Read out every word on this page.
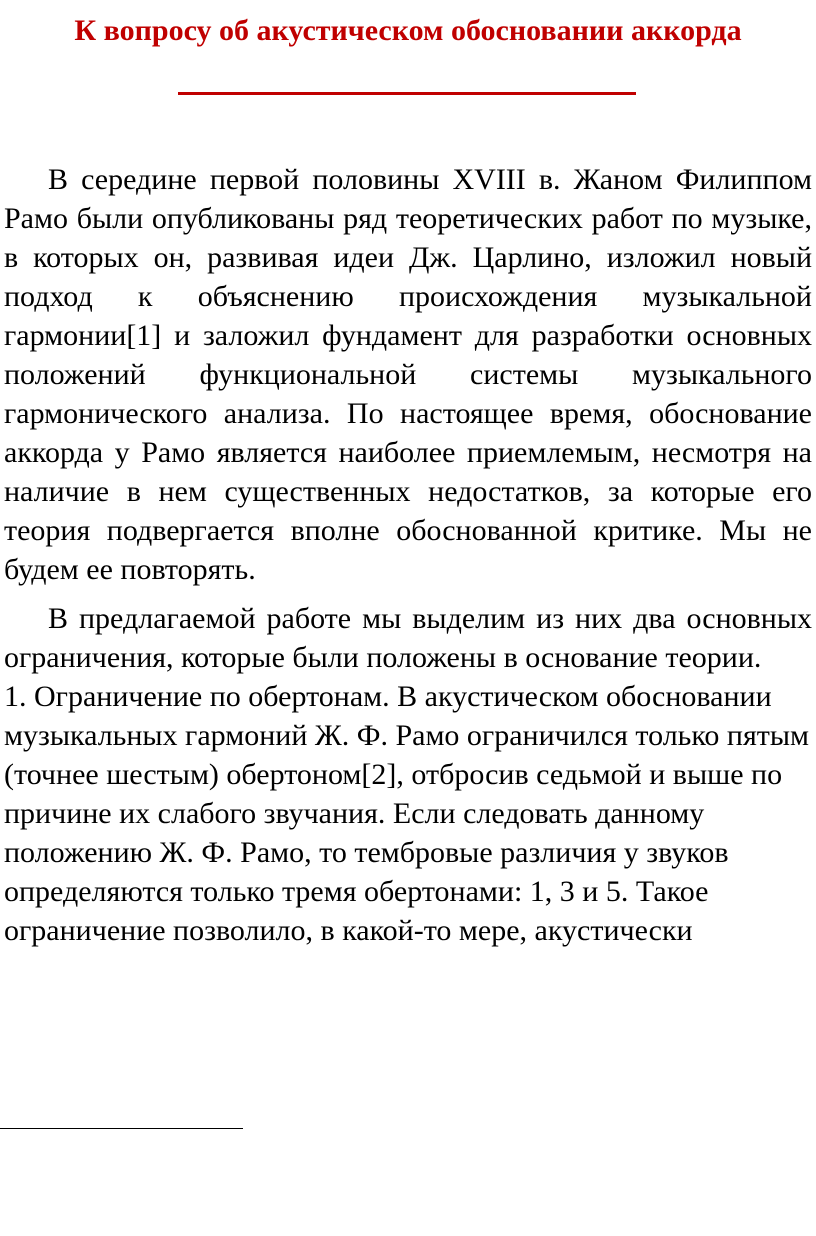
К вопросу об акустическом обосновании аккорда

В середине первой половины XVIII в. Жаном Филиппом Рамо были опубликованы ряд теоретических работ по музыке, в которых он, развивая идеи Дж. Царлино, изложил новый подход к объяснению происхождения музыкальной гармонии[1] и заложил фундамент для разработки основных положений функциональной системы музыкального гармонического анализа. По настоящее время, обоснование аккорда у Рамо является наиболее приемлемым, несмотря на наличие в нем существенных недостатков, за которые его теория подвергается вполне обоснованной критике. Мы не будем ее повторять.

В предлагаемой работе мы выделим из них два основных ограничения, которые были положены в основание теории.

1. Ограничение по обертонам. В акустическом обосновании музыкальных гармоний Ж. Ф. Рамо ограничился только пятым (точнее шестым) обертоном[2], отбросив седьмой и выше по причине их слабого звучания. Если следовать данному положению Ж. Ф. Рамо, то тембровые различия у звуков определяются только тремя обертонами: 1, 3 и 5. Такое ограничение позволило, в какой-то мере, акустически
